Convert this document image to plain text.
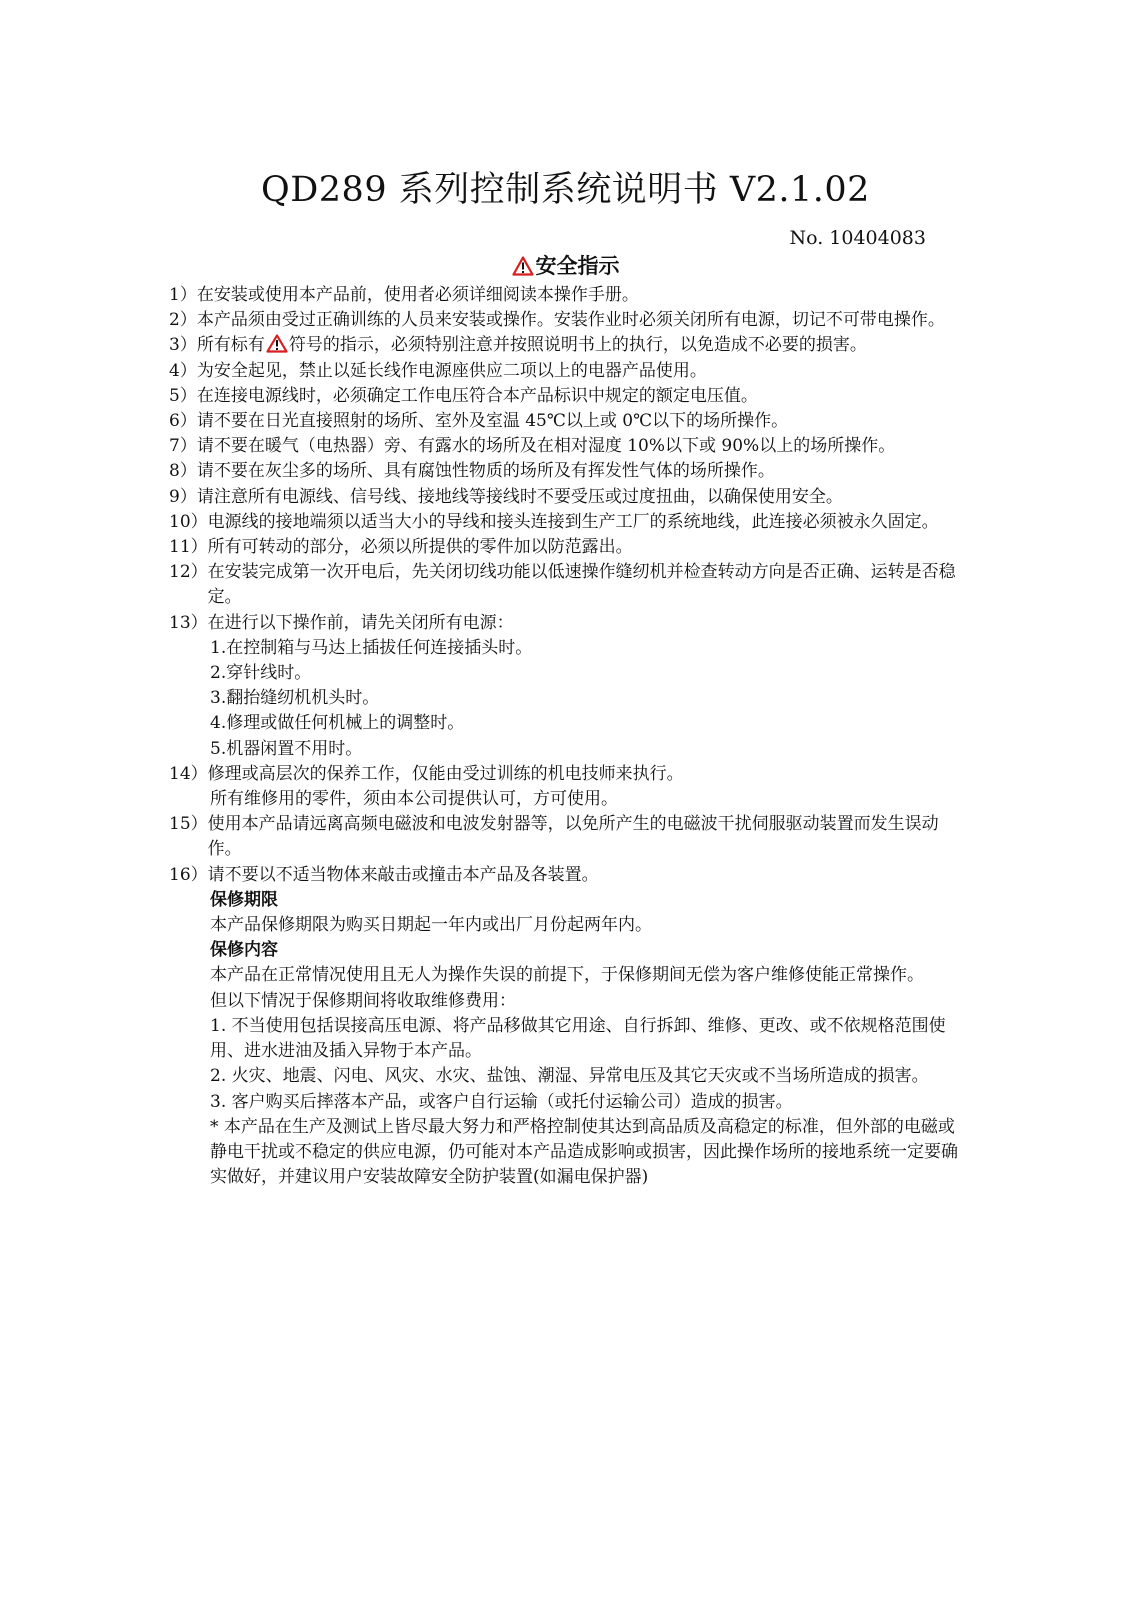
QD289 系列控制系统说明书 V2.1.02
No. 10404083
安全指示
1） 在安装或使用本产品前，使用者必须详细阅读本操作手册。
2）本产品须由受过正确训练的人员来安装或操作。安装作业时必须关闭所有电源，切记不可带电操作。
3）所有标有 符号的指示，必须特别注意并按照说明书上的执行，以免造成不必要的损害。
4） 为安全起见，禁止以延长线作电源座供应二项以上的电器产品使用。
5） 在连接电源线时，必须确定工作电压符合本产品标识中规定的额定电压值。
6） 请不要在日光直接照射的场所、室外及室温 45℃以上或 0℃以下的场所操作。
7） 请不要在暖气（电热器）旁、有露水的场所及在相对湿度 10%以下或 90%以上的场所操作。
8） 请不要在灰尘多的场所、具有腐蚀性物质的场所及有挥发性气体的场所操作。
9） 请注意所有电源线、信号线、接地线等接线时不要受压或过度扭曲，以确保使用安全。
10） 电源线的接地端须以适当大小的导线和接头连接到生产工厂的系统地线，此连接必须被永久固定。
11） 所有可转动的部分，必须以所提供的零件加以防范露出。
12） 在安装完成第一次开电后，先关闭切线功能以低速操作缝纫机并检查转动方向是否正确、运转是否稳定。
13） 在进行以下操作前，请先关闭所有电源：
1.在控制箱与马达上插拔任何连接插头时。
2.穿针线时。
3.翻抬缝纫机机头时。
4.修理或做任何机械上的调整时。
5.机器闲置不用时。
14） 修理或高层次的保养工作，仅能由受过训练的机电技师来执行。
所有维修用的零件，须由本公司提供认可，方可使用。
15） 使用本产品请远离高频电磁波和电波发射器等，以免所产生的电磁波干扰伺服驱动装置而发生误动作。
16） 请不要以不适当物体来敲击或撞击本产品及各装置。
保修期限
本产品保修期限为购买日期起一年内或出厂月份起两年内。
保修内容
本产品在正常情况使用且无人为操作失误的前提下，于保修期间无偿为客户维修使能正常操作。
但以下情况于保修期间将收取维修费用：
1. 不当使用包括误接高压电源、将产品移做其它用途、自行拆卸、维修、更改、或不依规格范围使用、进水进油及插入异物于本产品。
2. 火灾、地震、闪电、风灾、水灾、盐蚀、潮湿、异常电压及其它天灾或不当场所造成的损害。
3. 客户购买后摔落本产品，或客户自行运输（或托付运输公司）造成的损害。
* 本产品在生产及测试上皆尽最大努力和严格控制使其达到高品质及高稳定的标准，但外部的电磁或静电干扰或不稳定的供应电源，仍可能对本产品造成影响或损害，因此操作场所的接地系统一定要确实做好，并建议用户安装故障安全防护装置(如漏电保护器)
